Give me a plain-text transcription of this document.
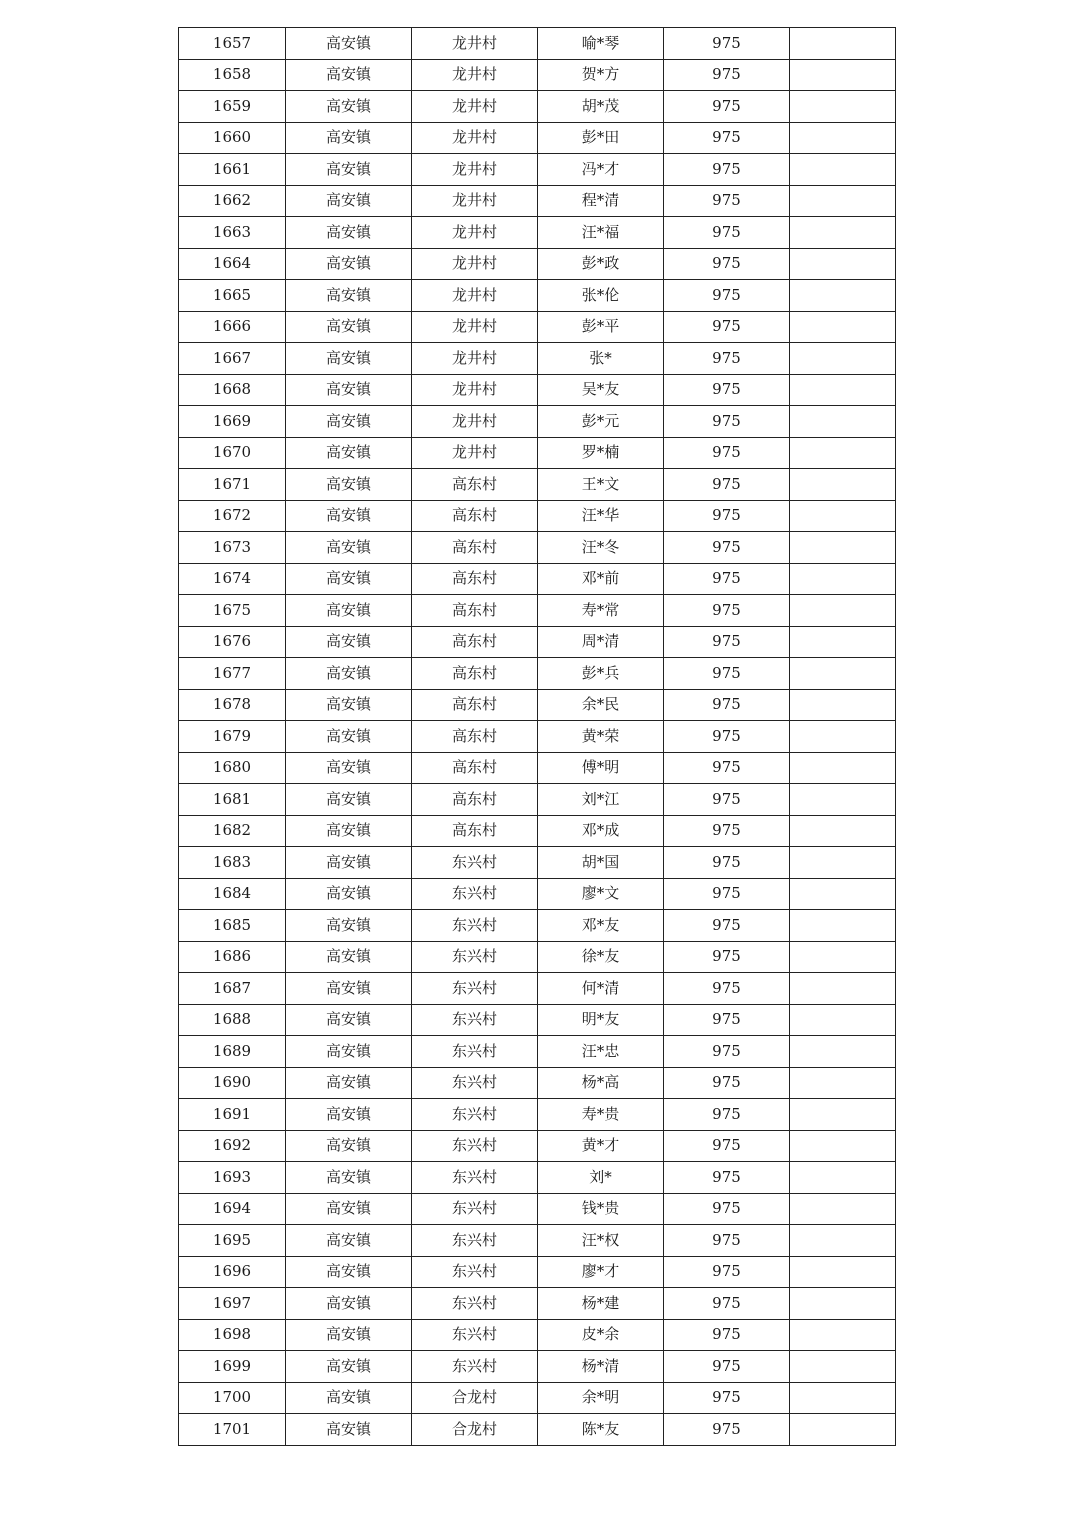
1657	高安镇	龙井村	喻*琴	975	
1658	高安镇	龙井村	贺*方	975	
1659	高安镇	龙井村	胡*茂	975	
1660	高安镇	龙井村	彭*田	975	
1661	高安镇	龙井村	冯*才	975	
1662	高安镇	龙井村	程*清	975	
1663	高安镇	龙井村	汪*福	975	
1664	高安镇	龙井村	彭*政	975	
1665	高安镇	龙井村	张*伦	975	
1666	高安镇	龙井村	彭*平	975	
1667	高安镇	龙井村	张*	975	
1668	高安镇	龙井村	吴*友	975	
1669	高安镇	龙井村	彭*元	975	
1670	高安镇	龙井村	罗*楠	975	
1671	高安镇	高东村	王*文	975	
1672	高安镇	高东村	汪*华	975	
1673	高安镇	高东村	汪*冬	975	
1674	高安镇	高东村	邓*前	975	
1675	高安镇	高东村	寿*常	975	
1676	高安镇	高东村	周*清	975	
1677	高安镇	高东村	彭*兵	975	
1678	高安镇	高东村	余*民	975	
1679	高安镇	高东村	黄*荣	975	
1680	高安镇	高东村	傅*明	975	
1681	高安镇	高东村	刘*江	975	
1682	高安镇	高东村	邓*成	975	
1683	高安镇	东兴村	胡*国	975	
1684	高安镇	东兴村	廖*文	975	
1685	高安镇	东兴村	邓*友	975	
1686	高安镇	东兴村	徐*友	975	
1687	高安镇	东兴村	何*清	975	
1688	高安镇	东兴村	明*友	975	
1689	高安镇	东兴村	汪*忠	975	
1690	高安镇	东兴村	杨*高	975	
1691	高安镇	东兴村	寿*贵	975	
1692	高安镇	东兴村	黄*才	975	
1693	高安镇	东兴村	刘*	975	
1694	高安镇	东兴村	钱*贵	975	
1695	高安镇	东兴村	汪*权	975	
1696	高安镇	东兴村	廖*才	975	
1697	高安镇	东兴村	杨*建	975	
1698	高安镇	东兴村	皮*余	975	
1699	高安镇	东兴村	杨*清	975	
1700	高安镇	合龙村	余*明	975	
1701	高安镇	合龙村	陈*友	975	
